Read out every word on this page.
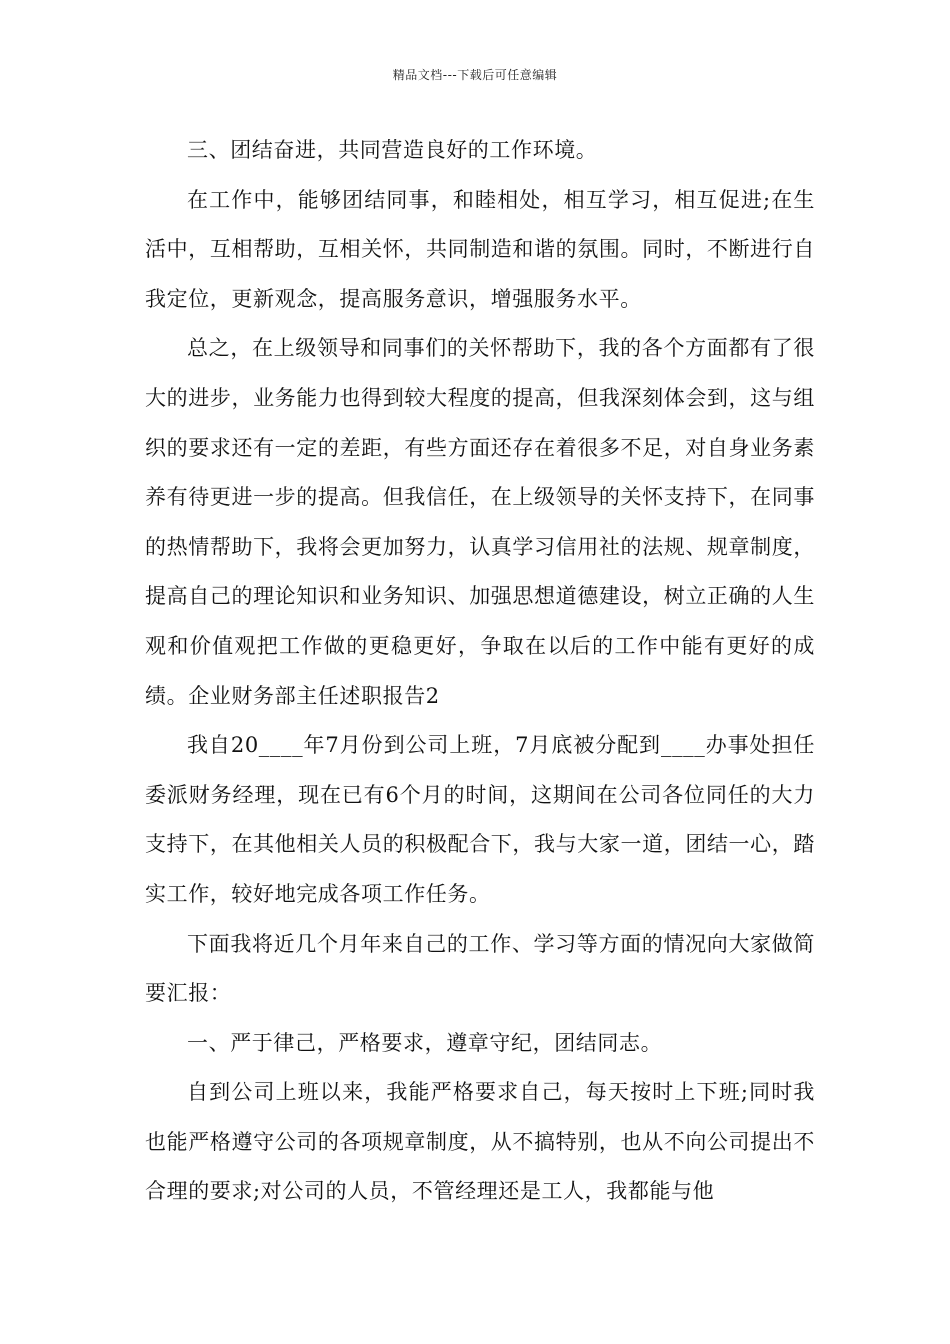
精品文档---下载后可任意编辑

三、团结奋进，共同营造良好的工作环境。

在工作中，能够团结同事，和睦相处，相互学习，相互促进;在生活中，互相帮助，互相关怀，共同制造和谐的氛围。同时，不断进行自我定位，更新观念，提高服务意识，增强服务水平。

总之，在上级领导和同事们的关怀帮助下，我的各个方面都有了很大的进步，业务能力也得到较大程度的提高，但我深刻体会到，这与组织的要求还有一定的差距，有些方面还存在着很多不足，对自身业务素养有待更进一步的提高。但我信任，在上级领导的关怀支持下，在同事的热情帮助下，我将会更加努力，认真学习信用社的法规、规章制度，提高自己的理论知识和业务知识、加强思想道德建设，树立正确的人生观和价值观把工作做的更稳更好，争取在以后的工作中能有更好的成绩。企业财务部主任述职报告2

我自20____年7月份到公司上班，7月底被分配到____办事处担任委派财务经理，现在已有6个月的时间，这期间在公司各位同任的大力支持下，在其他相关人员的积极配合下，我与大家一道，团结一心，踏实工作，较好地完成各项工作任务。

下面我将近几个月年来自己的工作、学习等方面的情况向大家做简要汇报：

一、严于律己，严格要求，遵章守纪，团结同志。

自到公司上班以来，我能严格要求自己，每天按时上下班;同时我也能严格遵守公司的各项规章制度，从不搞特别，也从不向公司提出不合理的要求;对公司的人员，不管经理还是工人，我都能与他
